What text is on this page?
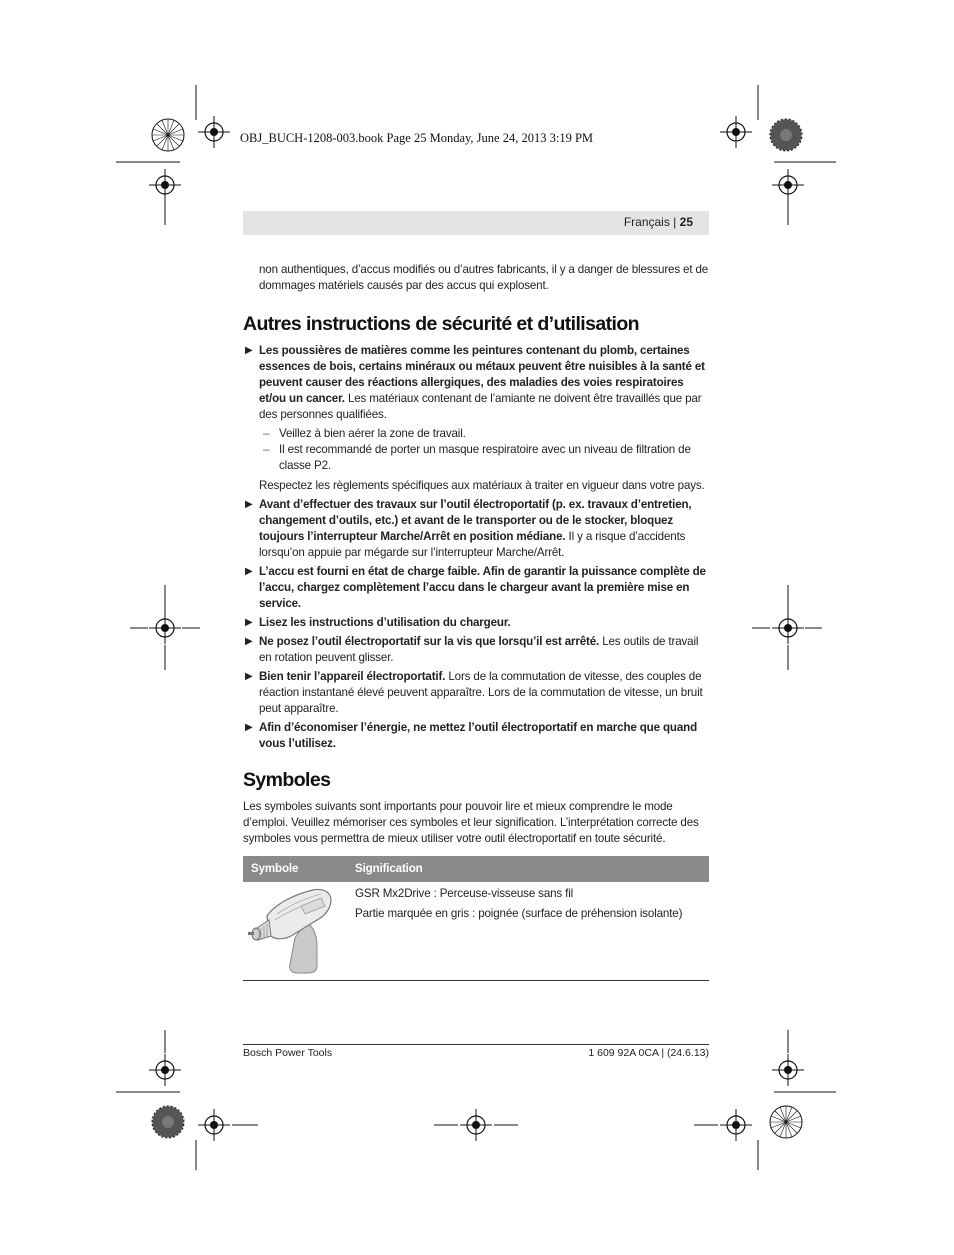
OBJ_BUCH-1208-003.book Page 25 Monday, June 24, 2013 3:19 PM
Français | 25
non authentiques, d’accus modifiés ou d’autres fabricants, il y a danger de blessures et de dommages matériels causés par des accus qui explosent.
Autres instructions de sécurité et d’utilisation
▶ Les poussières de matières comme les peintures contenant du plomb, certaines essences de bois, certains minéraux ou métaux peuvent être nuisibles à la santé et peuvent causer des réactions allergiques, des maladies des voies respiratoires et/ou un cancer. Les matériaux contenant de l’amiante ne doivent être travaillés que par des personnes qualifiées.
– Veillez à bien aérer la zone de travail.
– Il est recommandé de porter un masque respiratoire avec un niveau de filtration de classe P2.
Respectez les règlements spécifiques aux matériaux à traiter en vigueur dans votre pays.
▶ Avant d’effectuer des travaux sur l’outil électroportatif (p. ex. travaux d’entretien, changement d’outils, etc.) et avant de le transporter ou de le stocker, bloquez toujours l’interrupteur Marche/Arrêt en position médiane. Il y a risque d’accidents lorsqu’on appuie par mégarde sur l’interrupteur Marche/Arrêt.
▶ L’accu est fourni en état de charge faible. Afin de garantir la puissance complète de l’accu, chargez complètement l’accu dans le chargeur avant la première mise en service.
▶ Lisez les instructions d’utilisation du chargeur.
▶ Ne posez l’outil électroportatif sur la vis que lorsqu’il est arrêté. Les outils de travail en rotation peuvent glisser.
▶ Bien tenir l’appareil électroportatif. Lors de la commutation de vitesse, des couples de réaction instantané élevé peuvent apparaître. Lors de la commutation de vitesse, un bruit peut apparaître.
▶ Afin d’économiser l’énergie, ne mettez l’outil électroportatif en marche que quand vous l’utilisez.
Symboles
Les symboles suivants sont importants pour pouvoir lire et mieux comprendre le mode d’emploi. Veuillez mémoriser ces symboles et leur signification. L’interprétation correcte des symboles vous permettra de mieux utiliser votre outil électroportatif en toute sécurité.
Symbole	Signification

GSR Mx2Drive : Perceuse-visseuse sans fil
Partie marquée en gris : poignée (surface de préhension isolante)
Bosch Power Tools	1 609 92A 0CA | (24.6.13)
